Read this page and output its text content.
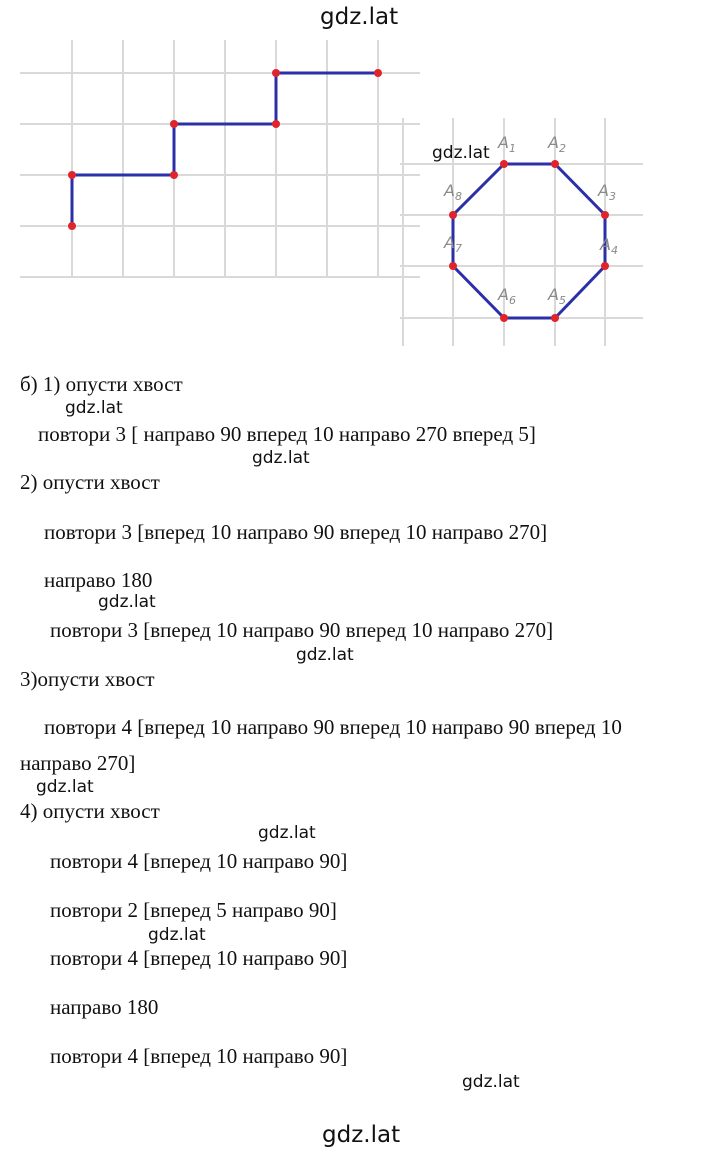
gdz.lat
$A_1$ $A_2$
$A_3$
$A_4$
$A_5$
$A_6$
$A_7$
$A_8$
gdz.lat
б) 1) опусти хвост
gdz.lat
повтори 3 [ направо 90 вперед 10 направо 270 вперед 5]
gdz.lat
2) опусти хвост
повтори 3 [вперед 10 направо 90 вперед 10 направо 270]
направо 180
gdz.lat
повтори 3 [вперед 10 направо 90 вперед 10 направо 270]
gdz.lat
3)опусти хвост
повтори 4 [вперед 10 направо 90 вперед 10 направо 90 вперед 10
направо 270]
gdz.lat
4) опусти хвост
gdz.lat
повтори 4 [вперед 10 направо 90]
повтори 2 [вперед 5 направо 90]
gdz.lat
повтори 4 [вперед 10 направо 90]
направо 180
повтори 4 [вперед 10 направо 90]
gdz.lat
gdz.lat
